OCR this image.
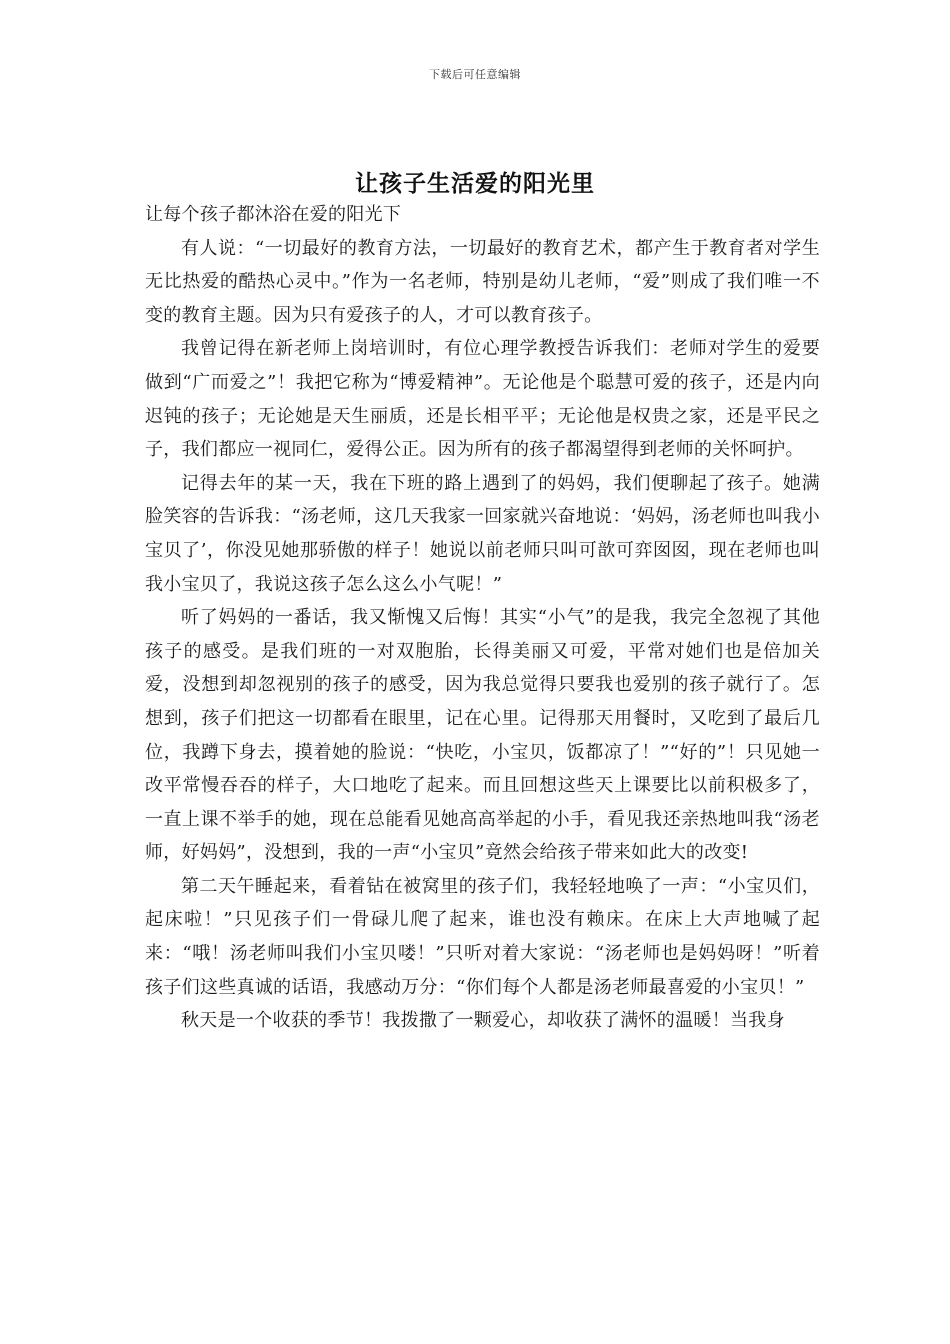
下载后可任意编辑
让孩子生活爱的阳光里

让每个孩子都沐浴在爱的阳光下

有人说：“一切最好的教育方法，一切最好的教育艺术，都产生于教育者对学生无比热爱的酷热心灵中。”作为一名老师，特别是幼儿老师，“爱”则成了我们唯一不变的教育主题。因为只有爱孩子的人，才可以教育孩子。

我曾记得在新老师上岗培训时，有位心理学教授告诉我们：老师对学生的爱要做到“广而爱之”！我把它称为“博爱精神”。无论他是个聪慧可爱的孩子，还是内向迟钝的孩子；无论她是天生丽质，还是长相平平；无论他是权贵之家，还是平民之子，我们都应一视同仁，爱得公正。因为所有的孩子都渴望得到老师的关怀呵护。

记得去年的某一天，我在下班的路上遇到了的妈妈，我们便聊起了孩子。她满脸笑容的告诉我：“汤老师，这几天我家一回家就兴奋地说：‘妈妈，汤老师也叫我小宝贝了’，你没见她那骄傲的样子！她说以前老师只叫可歆可弈囡囡，现在老师也叫我小宝贝了，我说这孩子怎么这么小气呢！”

听了妈妈的一番话，我又惭愧又后悔！其实“小气”的是我，我完全忽视了其他孩子的感受。是我们班的一对双胞胎，长得美丽又可爱，平常对她们也是倍加关爱，没想到却忽视别的孩子的感受，因为我总觉得只要我也爱别的孩子就行了。怎想到，孩子们把这一切都看在眼里，记在心里。记得那天用餐时，又吃到了最后几位，我蹲下身去，摸着她的脸说：“快吃，小宝贝，饭都凉了！”“好的”！只见她一改平常慢吞吞的样子，大口地吃了起来。而且回想这些天上课要比以前积极多了，一直上课不举手的她，现在总能看见她高高举起的小手，看见我还亲热地叫我“汤老师，好妈妈”，没想到，我的一声“小宝贝”竟然会给孩子带来如此大的改变!

第二天午睡起来，看着钻在被窝里的孩子们，我轻轻地唤了一声：“小宝贝们，起床啦！”只见孩子们一骨碌儿爬了起来，谁也没有赖床。在床上大声地喊了起来：“哦！汤老师叫我们小宝贝喽！”只听对着大家说：“汤老师也是妈妈呀！”听着孩子们这些真诚的话语，我感动万分：“你们每个人都是汤老师最喜爱的小宝贝！”

秋天是一个收获的季节！我拨撒了一颗爱心，却收获了满怀的温暖！当我身
